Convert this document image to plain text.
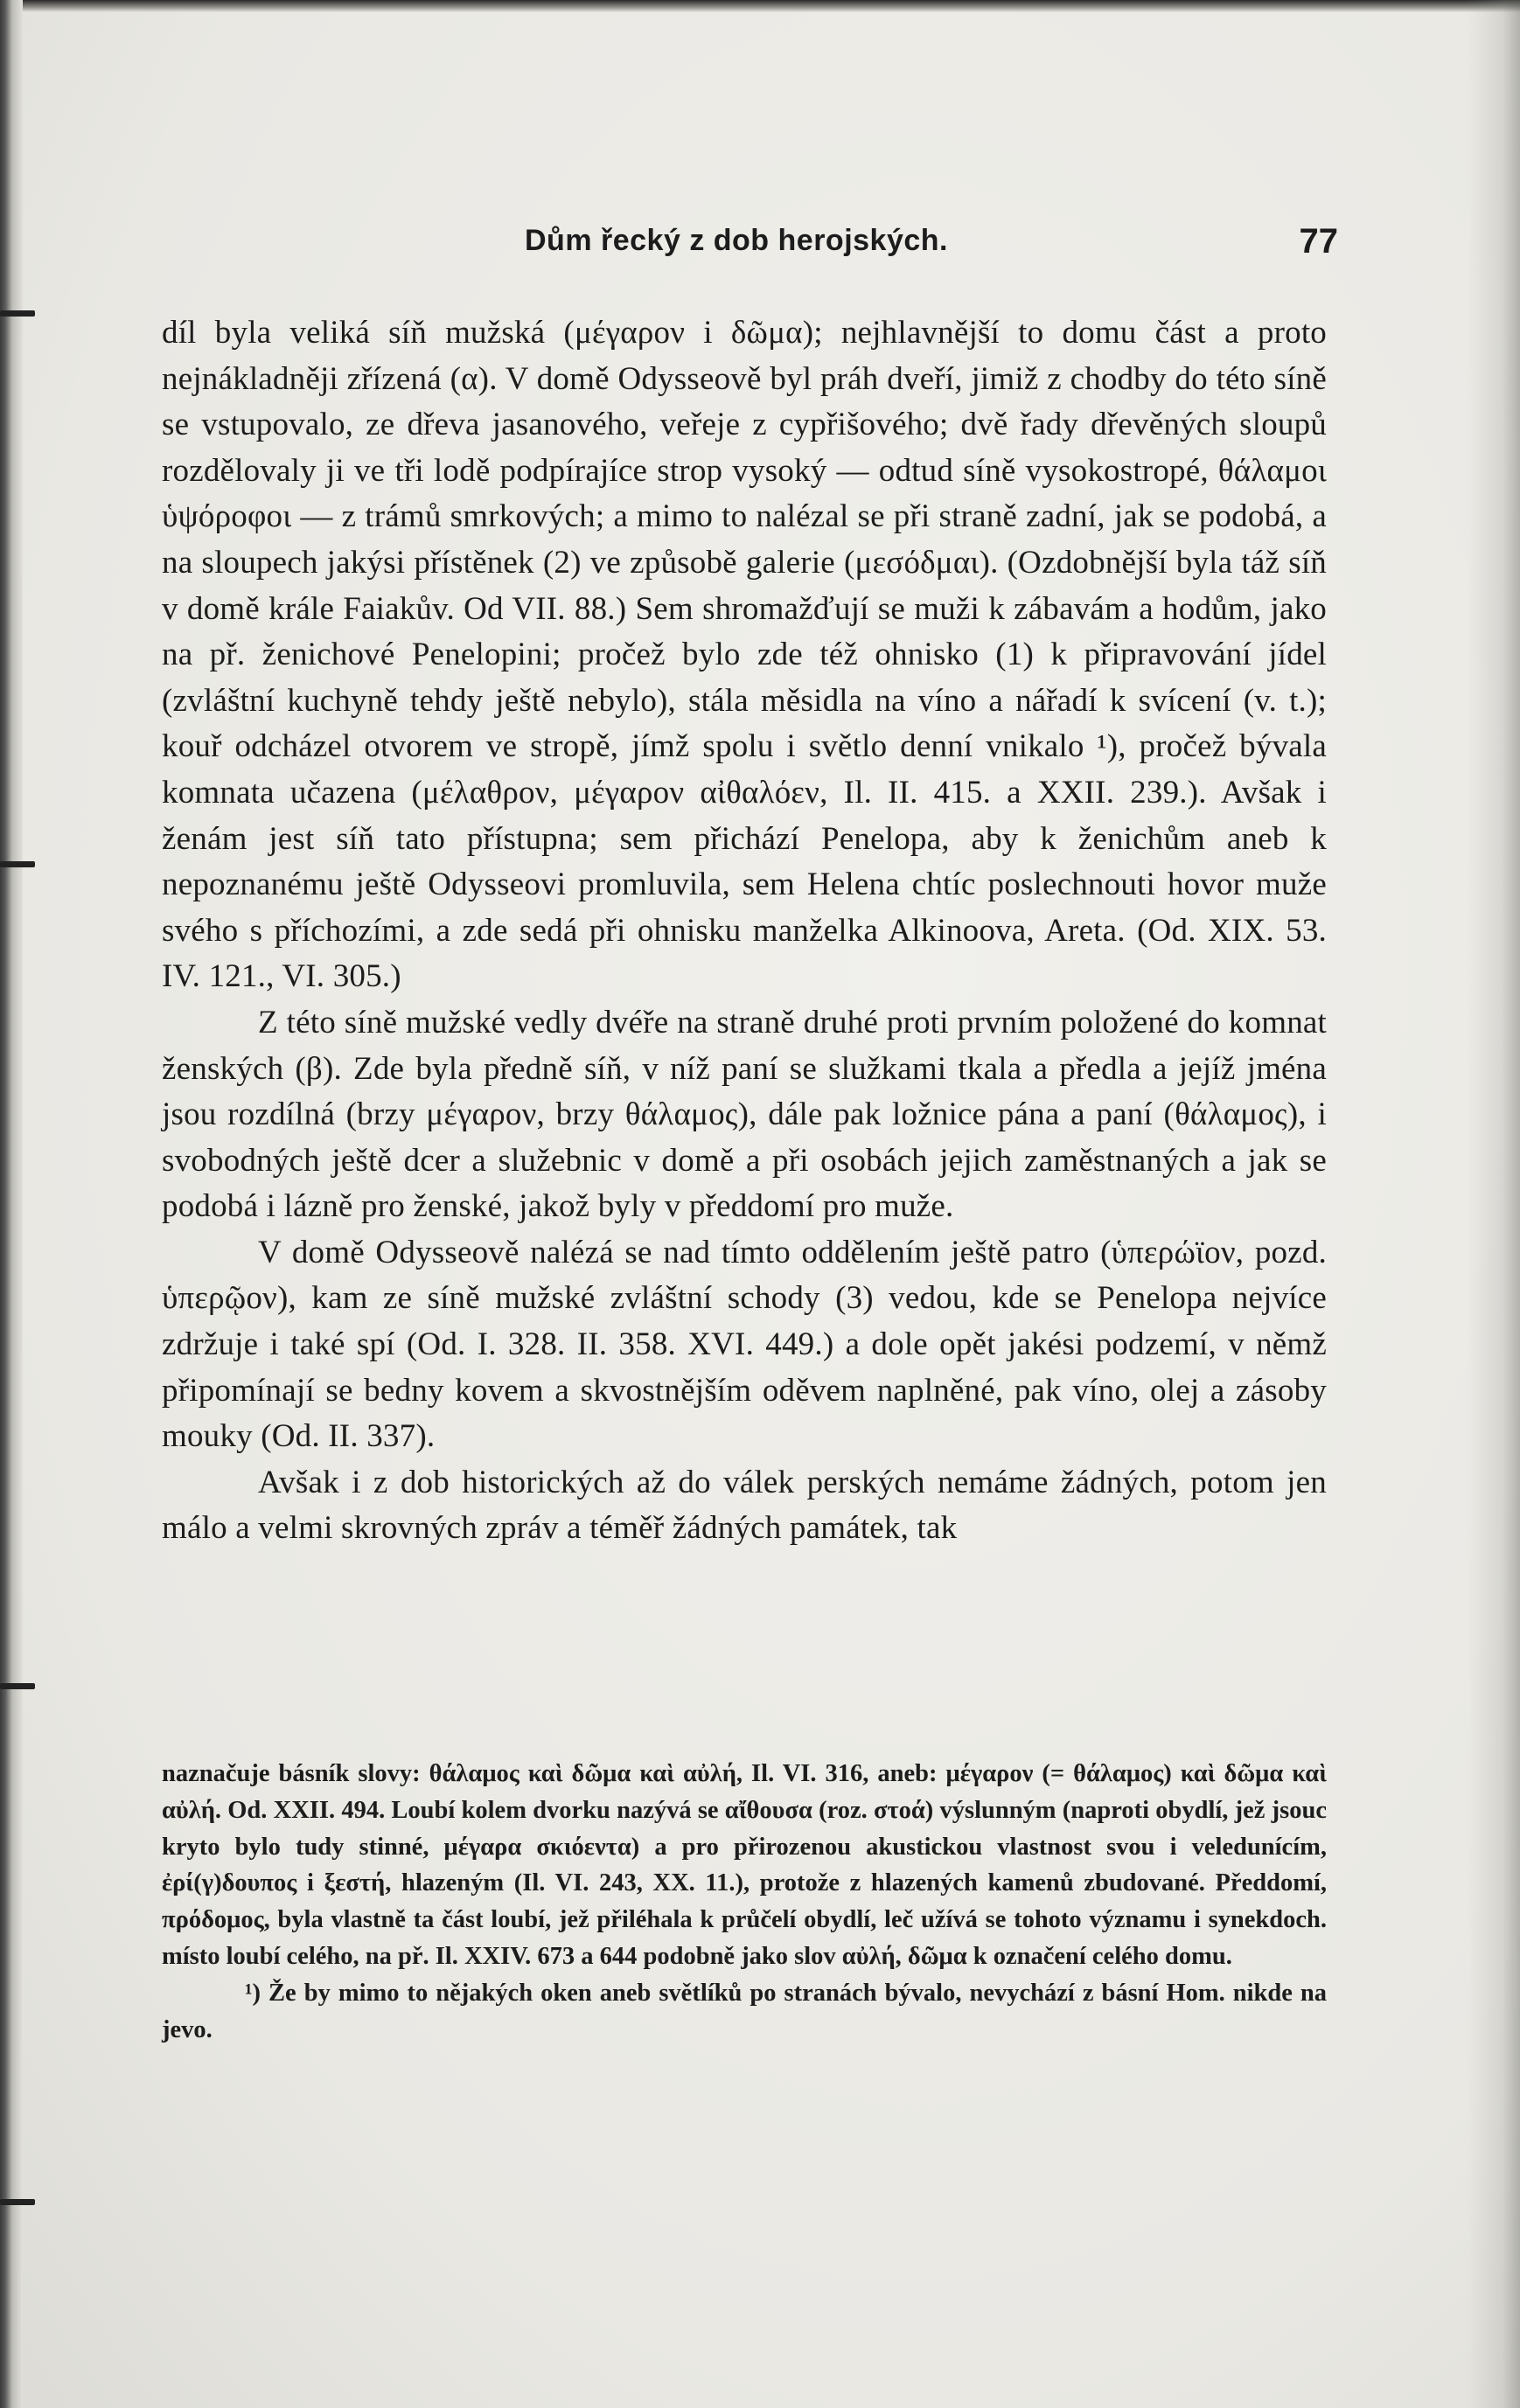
Dům řecký z dob herojských.	77

díl byla veliká síň mužská (μέγαρον i δῶμα); nejhlavnější to domu část a proto nejnákladněji zřízená (α). V domě Odysseově byl práh dveří, jimiž z chodby do této síně se vstupovalo, ze dřeva jasanového, veřeje z cypřišového; dvě řady dřevěných sloupů rozdělovaly ji ve tři lodě podpírajíce strop vysoký — odtud síně vysokostropé, θάλαμοι ὑψόροφοι — z trámů smrkových; a mimo to nalézal se při straně zadní, jak se podobá, a na sloupech jakýsi přístěnek (2) ve způsobě galerie (μεσόδμαι). (Ozdobnější byla táž síň v domě krále Faiakův. Od VII. 88.) Sem shromažďují se muži k zábavám a hodům, jako na př. ženichové Penelopini; pročež bylo zde též ohnisko (1) k připravování jídel (zvláštní kuchyně tehdy ještě nebylo), stála měsidla na víno a nářadí k svícení (v. t.); kouř odcházel otvorem ve stropě, jímž spolu i světlo denní vnikalo ¹), pročež bývala komnata učazena (μέλαθρον, μέγαρον αἰθαλόεν, Il. II. 415. a XXII. 239.). Avšak i ženám jest síň tato přístupna; sem přichází Penelopa, aby k ženichům aneb k nepoznanému ještě Odysseovi promluvila, sem Helena chtíc poslechnouti hovor muže svého s příchozími, a zde sedá při ohnisku manželka Alkinoova, Areta. (Od. XIX. 53. IV. 121., VI. 305.)

Z této síně mužské vedly dvéře na straně druhé proti prvním položené do komnat ženských (β). Zde byla předně síň, v níž paní se služkami tkala a předla a jejíž jména jsou rozdílná (brzy μέγαρον, brzy θάλαμος), dále pak ložnice pána a paní (θάλαμος), i svobodných ještě dcer a služebnic v domě a při osobách jejich zaměstnaných a jak se podobá i lázně pro ženské, jakož byly v předdomí pro muže.

V domě Odysseově nalézá se nad tímto oddělením ještě patro (ὑπερώϊον, pozd. ὑπερῷον), kam ze síně mužské zvláštní schody (3) vedou, kde se Penelopa nejvíce zdržuje i také spí (Od. I. 328. II. 358. XVI. 449.) a dole opět jakési podzemí, v němž připomínají se bedny kovem a skvostnějším oděvem naplněné, pak víno, olej a zásoby mouky (Od. II. 337).

Avšak i z dob historických až do válek perských nemáme žádných, potom jen málo a velmi skrovných zpráv a téměř žádných památek, tak

naznačuje básník slovy: θάλαμος καὶ δῶμα καὶ αὐλή, Il. VI. 316, aneb: μέγαρον (= θάλαμος) καὶ δῶμα καὶ αὐλή. Od. XXII. 494. Loubí kolem dvorku nazývá se αἴθουσα (roz. στοά) výslunným (naproti obydlí, jež jsouc kryto bylo tudy stinné, μέγαρα σκιόεντα) a pro přirozenou akustickou vlastnost svou i veledunícím, ἐρί(γ)δουπος i ξεστή, hlazeným (Il. VI. 243, XX. 11.), protože z hlazených kamenů zbudované. Předdomí, πρόδομος, byla vlastně ta část loubí, jež přiléhala k průčelí obydlí, leč užívá se tohoto významu i synekdoch. místo loubí celého, na př. Il. XXIV. 673 a 644 podobně jako slov αὐλή, δῶμα k označení celého domu.

¹) Že by mimo to nějakých oken aneb světlíků po stranách bývalo, nevychází z básní Hom. nikde na jevo.
